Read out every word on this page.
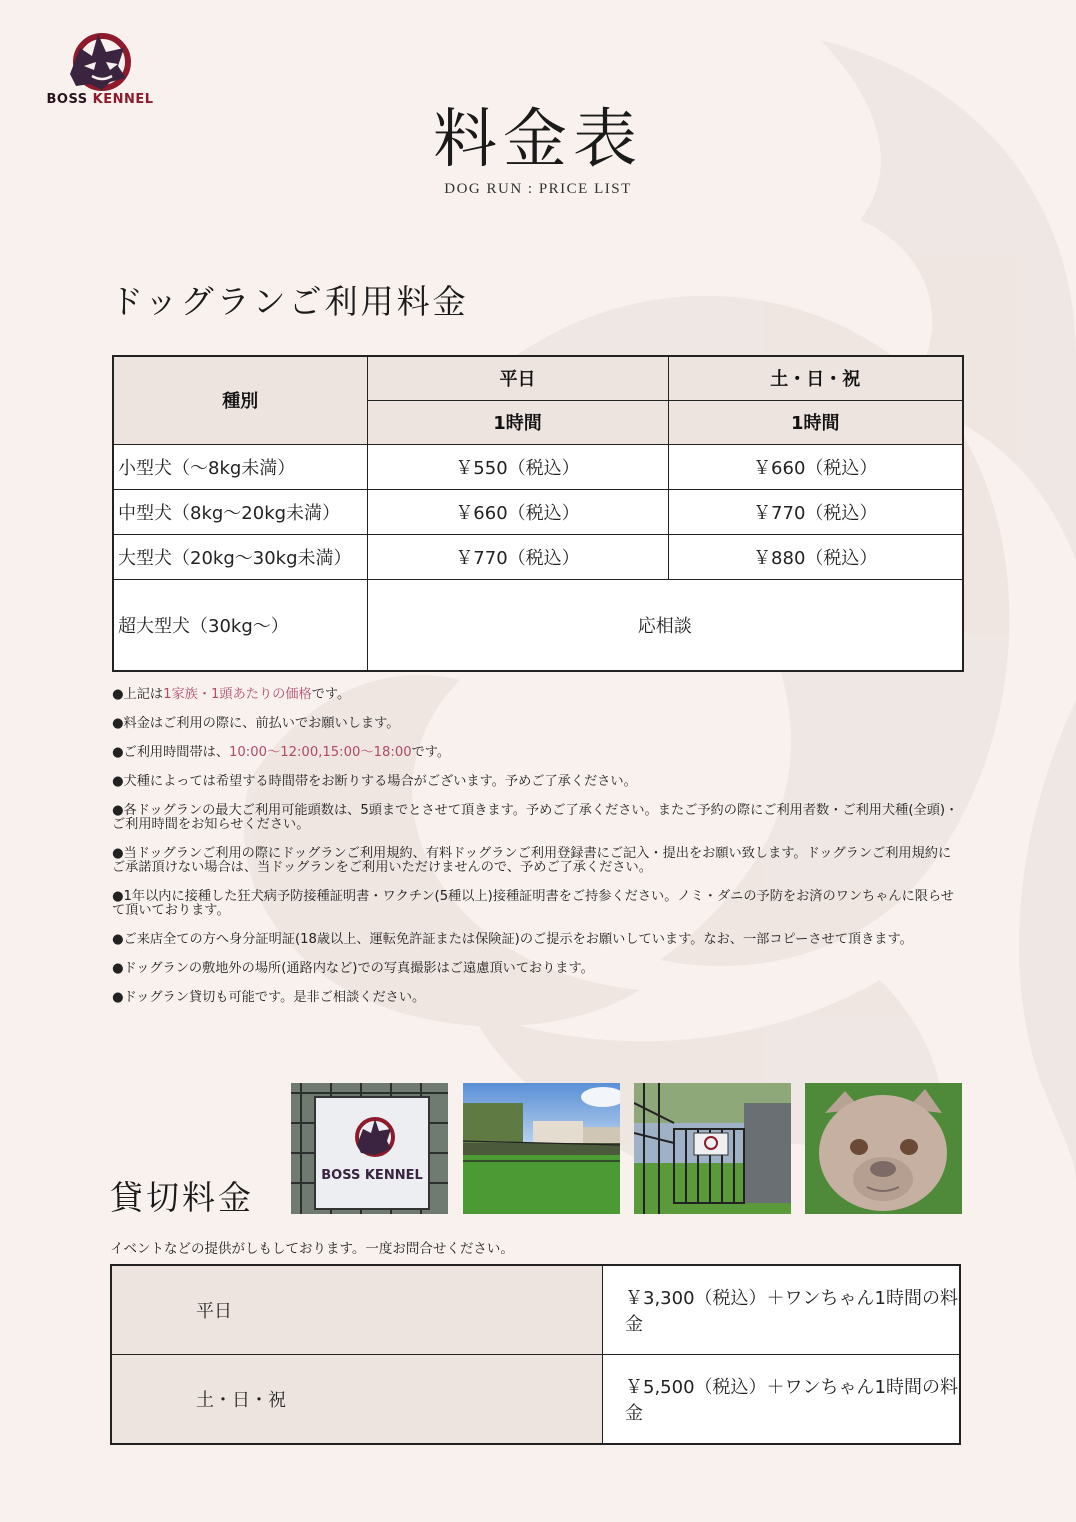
BOSS KENNEL
料金表
DOG RUN : PRICE LIST
ドッグランご利用料金
種別	平日	土・日・祝
	1時間	1時間
小型犬（〜8kg未満）	￥550（税込）	￥660（税込）
中型犬（8kg〜20kg未満）	￥660（税込）	￥770（税込）
大型犬（20kg〜30kg未満）	￥770（税込）	￥880（税込）
超大型犬（30kg〜）	応相談	
●上記は1家族・1頭あたりの価格です。
●料金はご利用の際に、前払いでお願いします。
●ご利用時間帯は、10:00〜12:00,15:00〜18:00です。
●犬種によっては希望する時間帯をお断りする場合がございます。予めご了承ください。
●各ドッグランの最大ご利用可能頭数は、5頭までとさせて頂きます。予めご了承ください。またご予約の際にご利用者数・ご利用犬種(全頭)・ご利用時間をお知らせください。
●当ドッグランご利用の際にドッグランご利用規約、有料ドッグランご利用登録書にご記入・提出をお願い致します。ドッグランご利用規約にご承諾頂けない場合は、当ドッグランをご利用いただけませんので、予めご了承ください。
●1年以内に接種した狂犬病予防接種証明書・ワクチン(5種以上)接種証明書をご持参ください。ノミ・ダニの予防をお済のワンちゃんに限らせて頂いております。
●ご来店全ての方へ身分証明証(18歳以上、運転免許証または保険証)のご提示をお願いしています。なお、一部コピーさせて頂きます。
●ドッグランの敷地外の場所(通路内など)での写真撮影はご遠慮頂いております。
●ドッグラン貸切も可能です。是非ご相談ください。
BOSS KENNEL
貸切料金
イベントなどの提供がしもしております。一度お問合せください。
平日	￥3,300（税込）＋ワンちゃん1時間の料金
土・日・祝	￥5,500（税込）＋ワンちゃん1時間の料金
